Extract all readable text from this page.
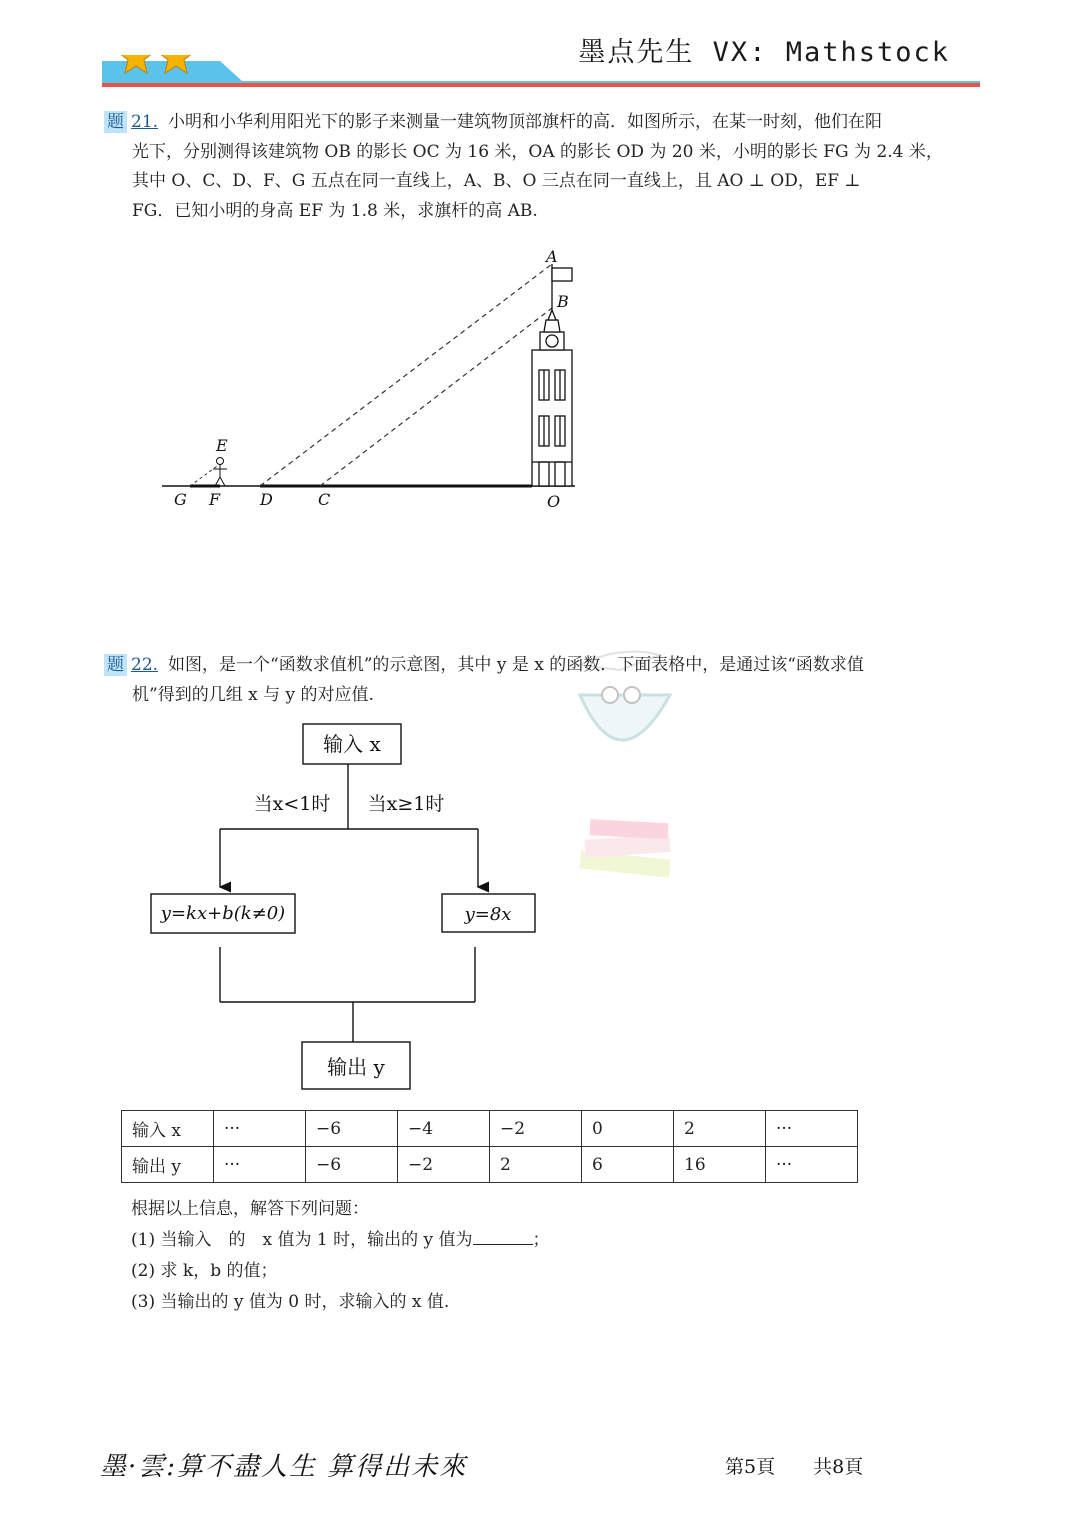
墨点先生 VX: Mathstock
题 21. 小明和小华利用阳光下的影子来测量一建筑物顶部旗杆的高．如图所示，在某一时刻，他们在阳
光下，分别测得该建筑物 OB 的影长 OC 为 16 米，OA 的影长 OD 为 20 米，小明的影长 FG 为 2.4 米，
其中 O、C、D、F、G 五点在同一直线上，A、B、O 三点在同一直线上，且 AO ⊥ OD，EF ⊥
FG．已知小明的身高 EF 为 1.8 米，求旗杆的高 AB.
A
B
E
G F D	C	O
题 22. 如图，是一个“函数求值机”的示意图，其中 y 是 x 的函数．下面表格中，是通过该“函数求值
机”得到的几组 x 与 y 的对应值.
输入 x
当x<1时 当x≥1时
y=kx+b(k≠0)	y=8x
输出 y
输入 x	···	−6	−4	−2	0	2	···
输出 y	···	−6	−2	2	6	16	···
根据以上信息，解答下列问题：
(1) 当输入　的　x 值为 1 时，输出的 y 值为	；
(2) 求 k，b 的值；
(3) 当输出的 y 值为 0 时，求输入的 x 值.
墨·雲:算不盡人生 算得出未來	第5頁　　共8頁
